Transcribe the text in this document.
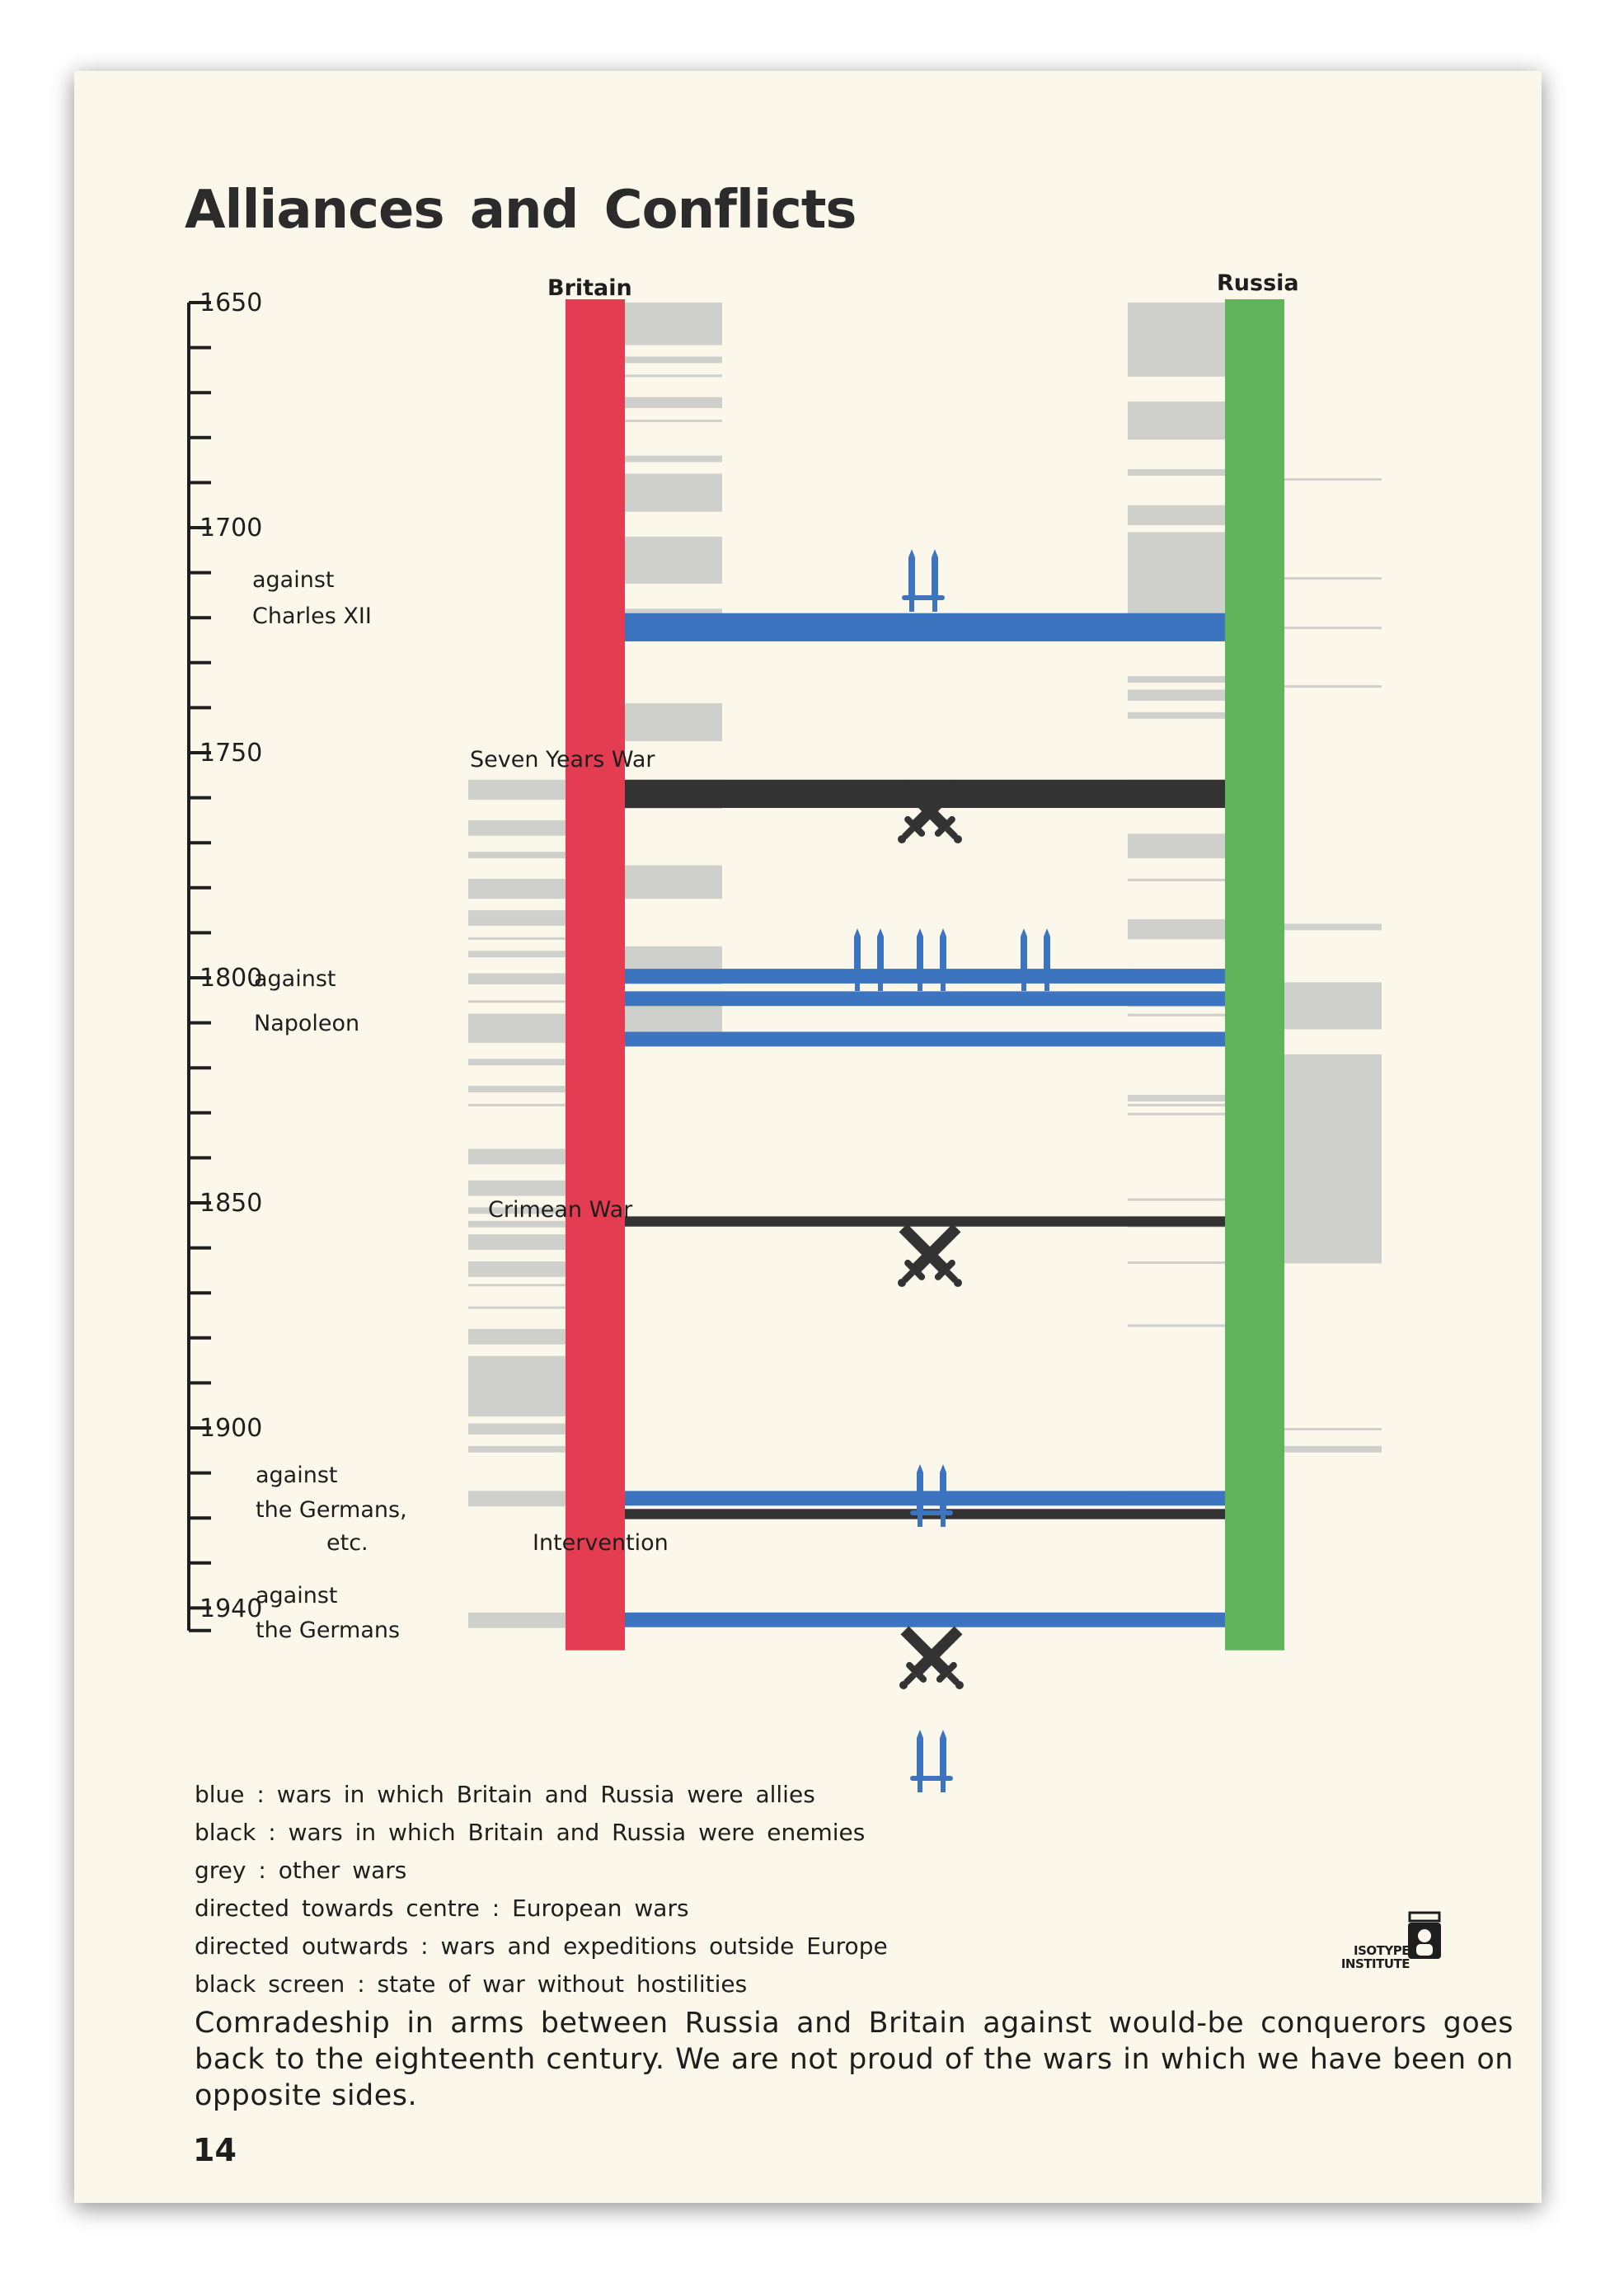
Alliances and Conflicts
Britain	Russia
1650
1700
1750
1800
1850
1900
1940
against
Charles XII
against
Napoleon
against
the Germans,
etc.
against
the Germans
Seven Years War
Crimean War
Intervention
blue : wars in which Britain and Russia were allies
black : wars in which Britain and Russia were enemies
grey : other wars
directed towards centre : European wars
directed outwards : wars and expeditions outside Europe
black screen : state of war without hostilities
ISOTYPE
INSTITUTE

Comradeship in arms between Russia and Britain against would-be conquerors goes back to the eighteenth century. We are not proud of the wars in which we have been on opposite sides.

14
